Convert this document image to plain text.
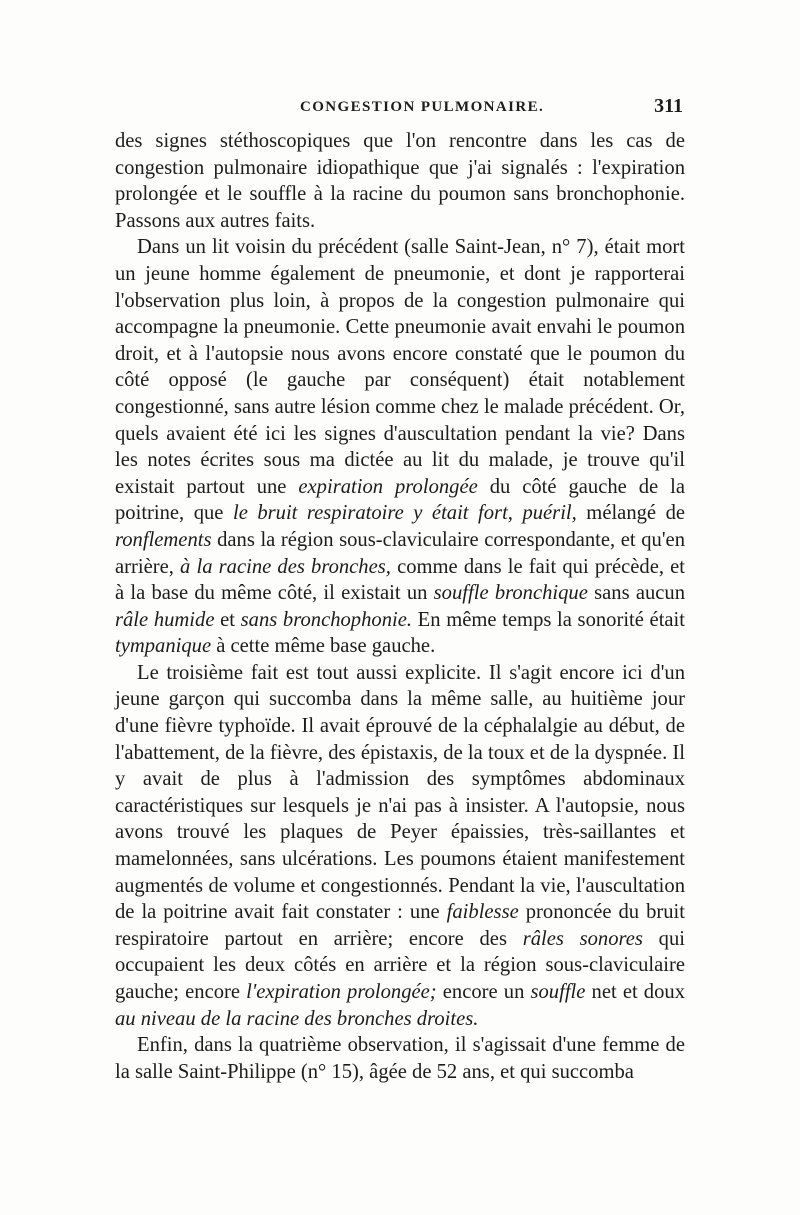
CONGESTION PULMONAIRE.	311

des signes stéthoscopiques que l'on rencontre dans les cas de congestion pulmonaire idiopathique que j'ai signalés : l'expiration prolongée et le souffle à la racine du poumon sans bronchophonie. Passons aux autres faits.

Dans un lit voisin du précédent (salle Saint-Jean, n° 7), était mort un jeune homme également de pneumonie, et dont je rapporterai l'observation plus loin, à propos de la congestion pulmonaire qui accompagne la pneumonie. Cette pneumonie avait envahi le poumon droit, et à l'autopsie nous avons encore constaté que le poumon du côté opposé (le gauche par conséquent) était notablement congestionné, sans autre lésion comme chez le malade précédent. Or, quels avaient été ici les signes d'auscultation pendant la vie? Dans les notes écrites sous ma dictée au lit du malade, je trouve qu'il existait partout une expiration prolongée du côté gauche de la poitrine, que le bruit respiratoire y était fort, puéril, mélangé de ronflements dans la région sous-claviculaire correspondante, et qu'en arrière, à la racine des bronches, comme dans le fait qui précède, et à la base du même côté, il existait un souffle bronchique sans aucun râle humide et sans bronchophonie. En même temps la sonorité était tympanique à cette même base gauche.

Le troisième fait est tout aussi explicite. Il s'agit encore ici d'un jeune garçon qui succomba dans la même salle, au huitième jour d'une fièvre typhoïde. Il avait éprouvé de la céphalalgie au début, de l'abattement, de la fièvre, des épistaxis, de la toux et de la dyspnée. Il y avait de plus à l'admission des symptômes abdominaux caractéristiques sur lesquels je n'ai pas à insister. A l'autopsie, nous avons trouvé les plaques de Peyer épaissies, très-saillantes et mamelonnées, sans ulcérations. Les poumons étaient manifestement augmentés de volume et congestionnés. Pendant la vie, l'auscultation de la poitrine avait fait constater : une faiblesse prononcée du bruit respiratoire partout en arrière; encore des râles sonores qui occupaient les deux côtés en arrière et la région sous-claviculaire gauche; encore l'expiration prolongée; encore un souffle net et doux au niveau de la racine des bronches droites.

Enfin, dans la quatrième observation, il s'agissait d'une femme de la salle Saint-Philippe (n° 15), âgée de 52 ans, et qui succomba
